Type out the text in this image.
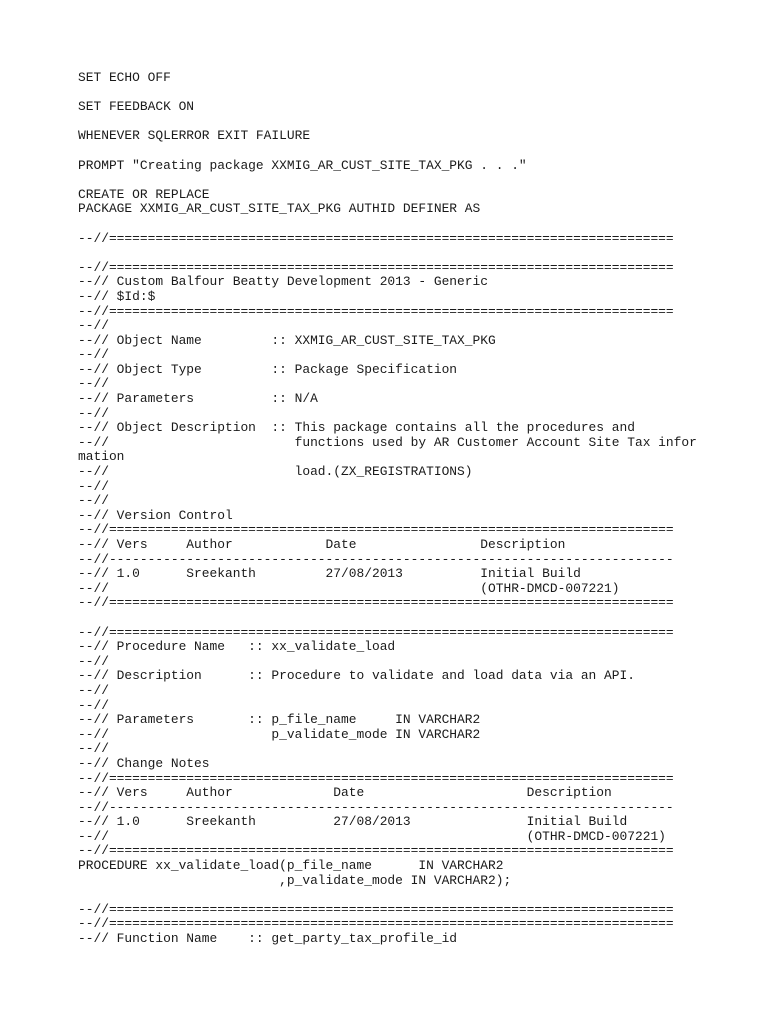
SET ECHO OFF
SET FEEDBACK ON
WHENEVER SQLERROR EXIT FAILURE
PROMPT "Creating package XXMIG_AR_CUST_SITE_TAX_PKG . . ."
CREATE OR REPLACE
PACKAGE XXMIG_AR_CUST_SITE_TAX_PKG AUTHID DEFINER AS
--//=========================================================================
--//=========================================================================
--// Custom Balfour Beatty Development 2013 - Generic
--// $Id:$
--//=========================================================================
--//
--// Object Name         :: XXMIG_AR_CUST_SITE_TAX_PKG
--//
--// Object Type         :: Package Specification
--//
--// Parameters          :: N/A
--//
--// Object Description  :: This package contains all the procedures and
--//                        functions used by AR Customer Account Site Tax infor
mation
--//                        load.(ZX_REGISTRATIONS)
--//
--//
--// Version Control
--//=========================================================================
--// Vers     Author            Date                Description
--//-------------------------------------------------------------------------
--// 1.0      Sreekanth         27/08/2013          Initial Build
--//                                                (OTHR-DMCD-007221)
--//=========================================================================
--//=========================================================================
--// Procedure Name   :: xx_validate_load
--//
--// Description      :: Procedure to validate and load data via an API.
--//
--//
--// Parameters       :: p_file_name     IN VARCHAR2
--//                     p_validate_mode IN VARCHAR2
--//
--// Change Notes
--//=========================================================================
--// Vers     Author             Date                     Description
--//-------------------------------------------------------------------------
--// 1.0      Sreekanth          27/08/2013               Initial Build
--//                                                      (OTHR-DMCD-007221)
--//=========================================================================
PROCEDURE xx_validate_load(p_file_name      IN VARCHAR2
,p_validate_mode IN VARCHAR2);
--//=========================================================================
--//=========================================================================
--// Function Name    :: get_party_tax_profile_id
